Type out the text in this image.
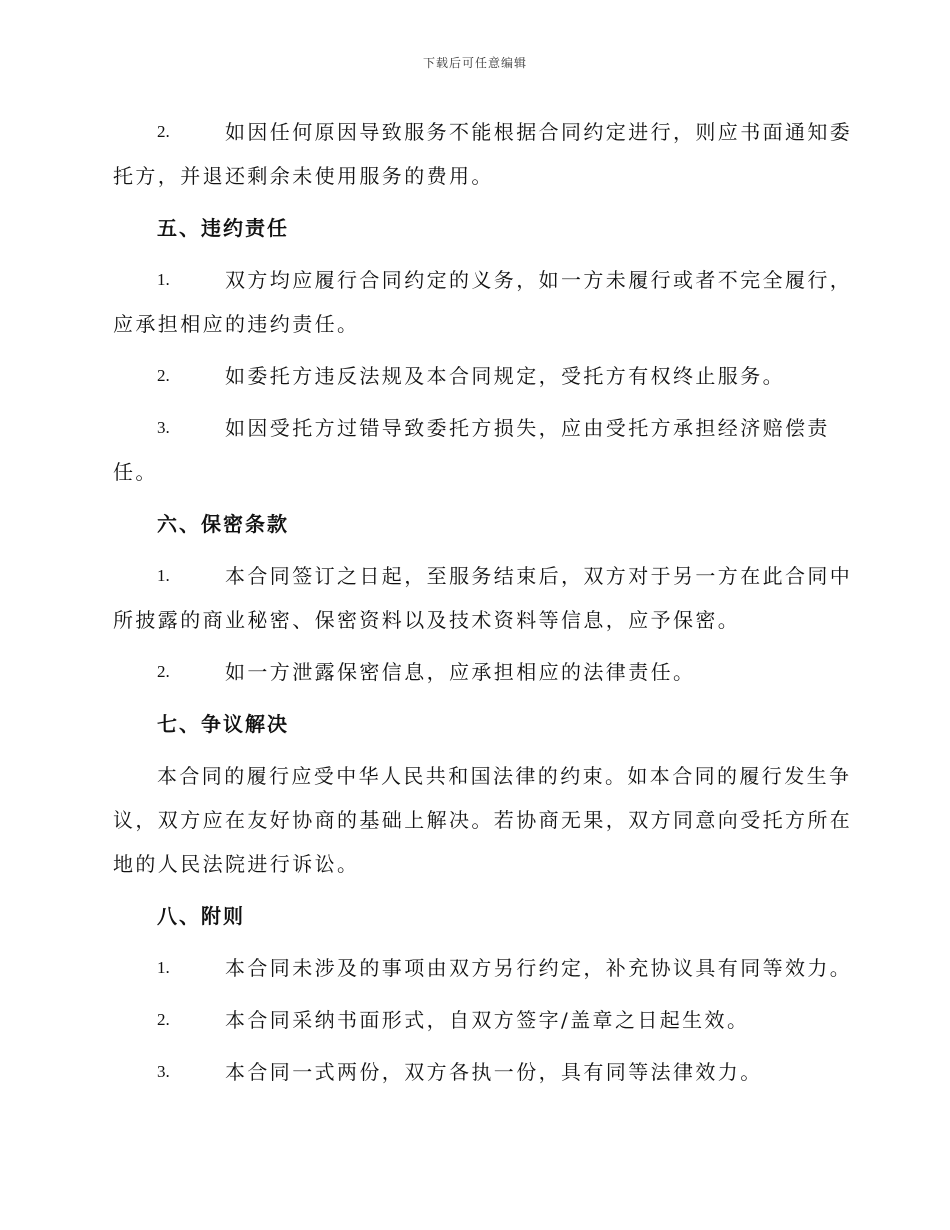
下载后可任意编辑
2.	如因任何原因导致服务不能根据合同约定进行，则应书面通知委
托方，并退还剩余未使用服务的费用。
五、违约责任
1.	双方均应履行合同约定的义务，如一方未履行或者不完全履行，
应承担相应的违约责任。
2.	如委托方违反法规及本合同规定，受托方有权终止服务。
3.	如因受托方过错导致委托方损失，应由受托方承担经济赔偿责
任。
六、保密条款
1.	本合同签订之日起，至服务结束后，双方对于另一方在此合同中
所披露的商业秘密、保密资料以及技术资料等信息，应予保密。
2.	如一方泄露保密信息，应承担相应的法律责任。
七、争议解决
本合同的履行应受中华人民共和国法律的约束。如本合同的履行发生争
议，双方应在友好协商的基础上解决。若协商无果，双方同意向受托方所在
地的人民法院进行诉讼。
八、附则
1.	本合同未涉及的事项由双方另行约定，补充协议具有同等效力。
2.	本合同采纳书面形式，自双方签字/盖章之日起生效。
3.	本合同一式两份，双方各执一份，具有同等法律效力。
